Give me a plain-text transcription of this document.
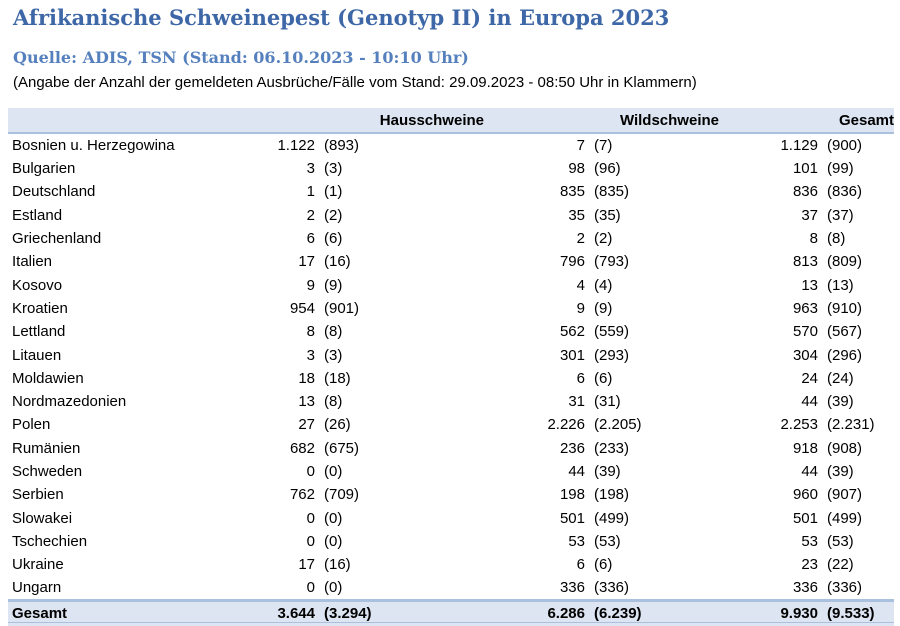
Afrikanische Schweinepest (Genotyp II) in Europa 2023
Quelle: ADIS, TSN (Stand: 06.10.2023 - 10:10 Uhr)
(Angabe der Anzahl der gemeldeten Ausbrüche/Fälle vom Stand: 29.09.2023 - 08:50 Uhr in Klammern)
	Hausschweine		Wildschweine		Gesamt	
Bosnien u. Herzegowina	1.122	(893)	7	(7)	1.129	(900)
Bulgarien	3	(3)	98	(96)	101	(99)
Deutschland	1	(1)	835	(835)	836	(836)
Estland	2	(2)	35	(35)	37	(37)
Griechenland	6	(6)	2	(2)	8	(8)
Italien	17	(16)	796	(793)	813	(809)
Kosovo	9	(9)	4	(4)	13	(13)
Kroatien	954	(901)	9	(9)	963	(910)
Lettland	8	(8)	562	(559)	570	(567)
Litauen	3	(3)	301	(293)	304	(296)
Moldawien	18	(18)	6	(6)	24	(24)
Nordmazedonien	13	(8)	31	(31)	44	(39)
Polen	27	(26)	2.226	(2.205)	2.253	(2.231)
Rumänien	682	(675)	236	(233)	918	(908)
Schweden	0	(0)	44	(39)	44	(39)
Serbien	762	(709)	198	(198)	960	(907)
Slowakei	0	(0)	501	(499)	501	(499)
Tschechien	0	(0)	53	(53)	53	(53)
Ukraine	17	(16)	6	(6)	23	(22)
Ungarn	0	(0)	336	(336)	336	(336)
Gesamt	3.644	(3.294)	6.286	(6.239)	9.930	(9.533)
